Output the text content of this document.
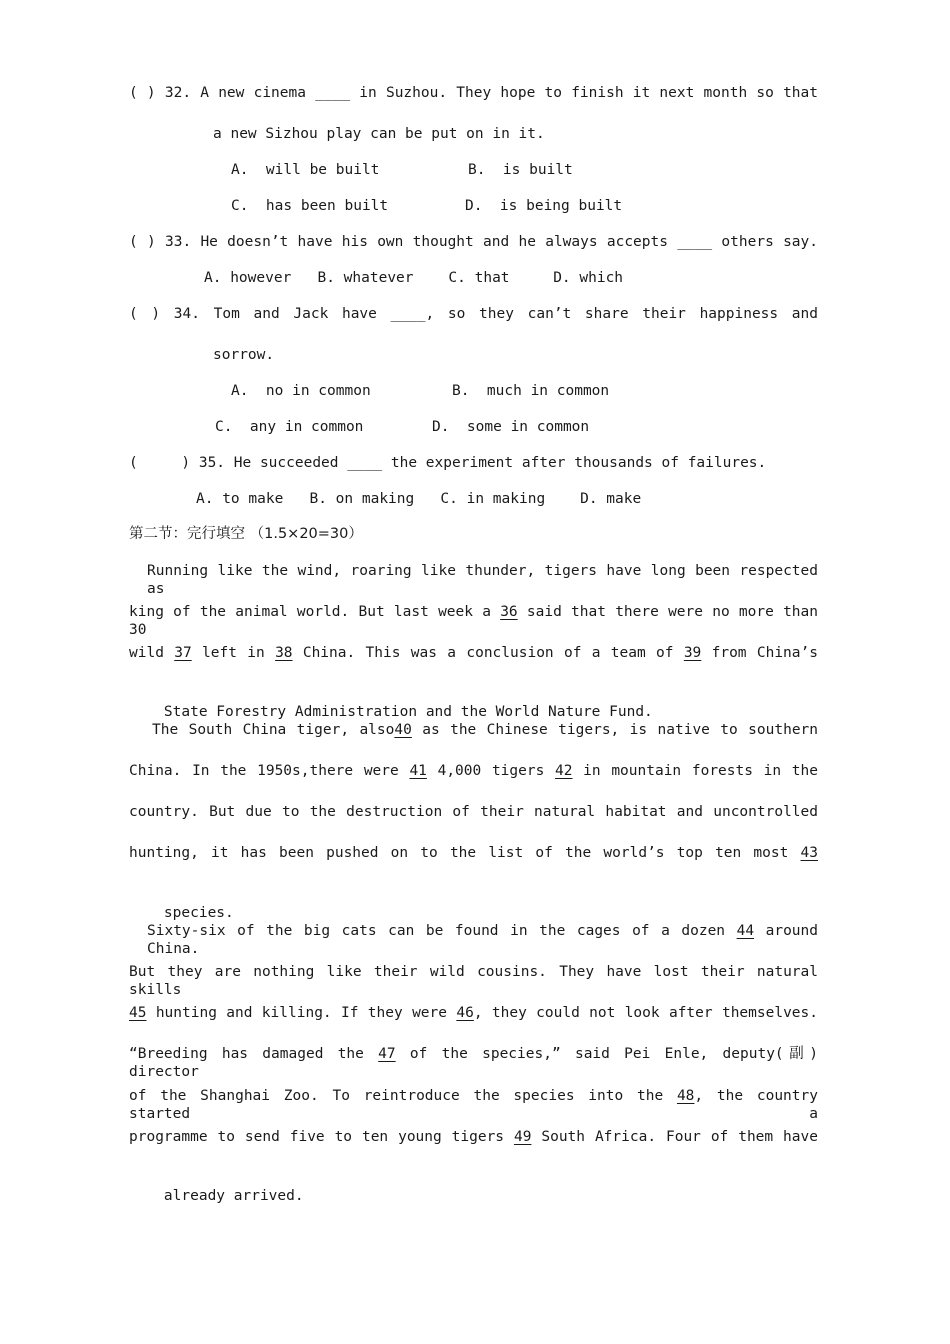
( ) 32. A new cinema ____ in Suzhou. They hope to finish it next month so that
a new Sizhou play can be put on in it.
A.  will be built	B.  is built
C.  has been built	D.  is being built
( ) 33. He doesn’t have his own thought and he always accepts ____ others say.
A. however   B. whatever    C. that     D. which
( ) 34. Tom and Jack have ____, so they can’t share their happiness and
sorrow.
A.  no in common	B.  much in common
C.  any in common	D.  some in common
(     ) 35. He succeeded ____ the experiment after thousands of failures.
A. to make   B. on making   C. in making    D. make
第二节：完行填空 （1.5×20=30）
Running like the wind, roaring like thunder, tigers have long been respected as
king of the animal world. But last week a 36 said that there were no more than 30
wild 37 left in 38 China. This was a conclusion of a team of 39 from China’s

State Forestry Administration and the World Nature Fund.

The South China tiger, also40 as the Chinese tigers, is native to southern
China. In the 1950s,there were 41 4,000 tigers 42 in mountain forests in the
country. But due to the destruction of their natural habitat and uncontrolled
hunting, it has been pushed on to the list of the world’s top ten most 43

species.

Sixty-six of the big cats can be found in the cages of a dozen 44 around China.
But they are nothing like their wild cousins. They have lost their natural skills
45 hunting and killing. If they were 46, they could not look after themselves.
“Breeding has damaged the 47 of the species,” said Pei Enle, deputy(副) director
of the Shanghai Zoo. To reintroduce the species into the 48, the country started a
programme to send five to ten young tigers 49 South Africa. Four of them have

already arrived.
